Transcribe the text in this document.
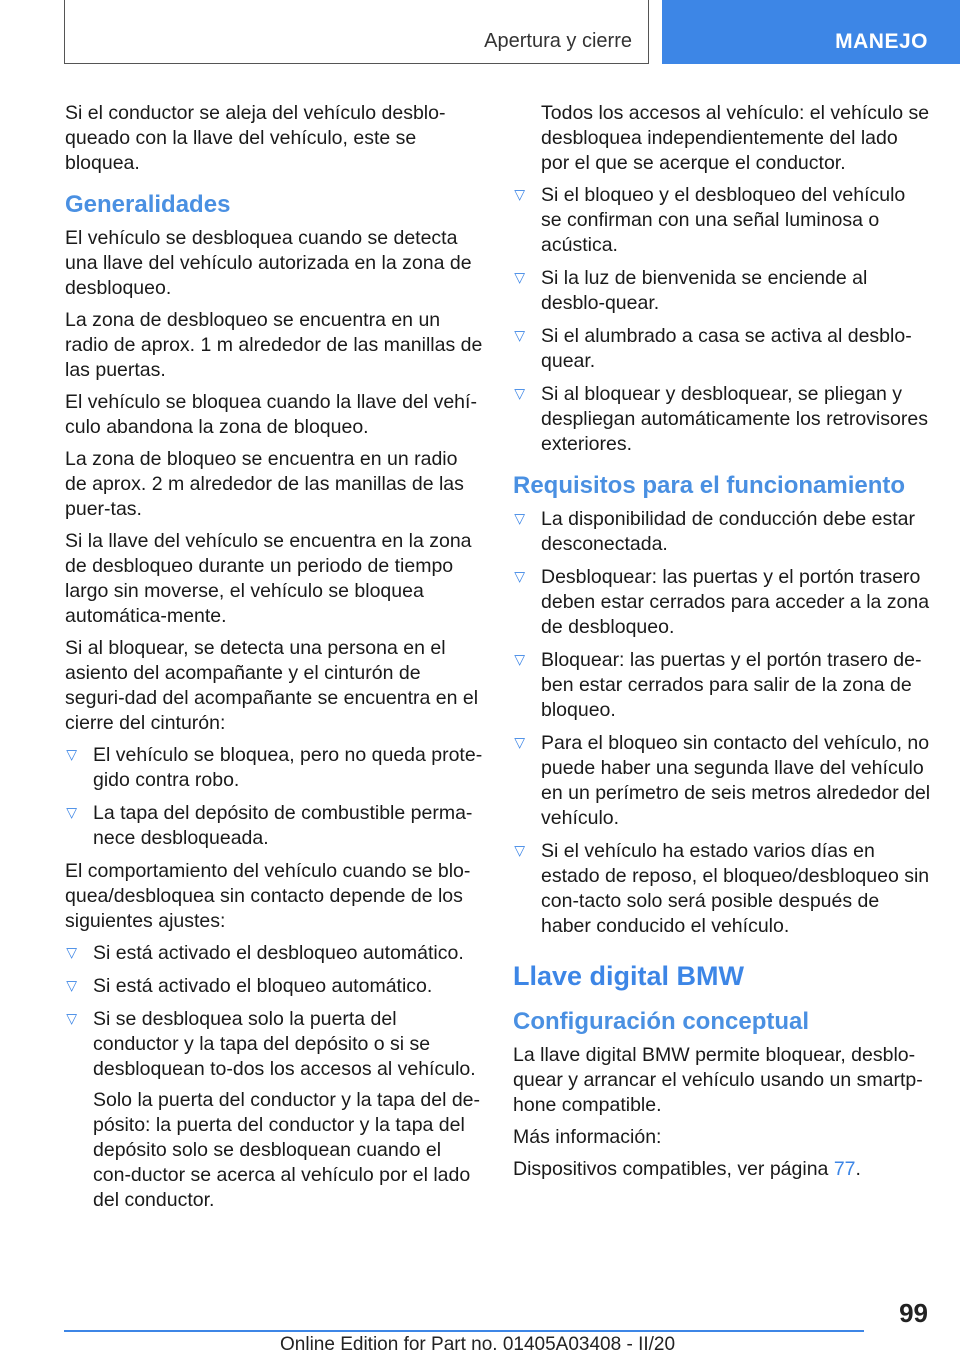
Apertura y cierre	MANEJO

Si el conductor se aleja del vehículo desblo-queado con la llave del vehículo, este se bloquea.

Generalidades

El vehículo se desbloquea cuando se detecta una llave del vehículo autorizada en la zona de desbloqueo.

La zona de desbloqueo se encuentra en un radio de aprox. 1 m alrededor de las manillas de las puertas.

El vehículo se bloquea cuando la llave del vehí-culo abandona la zona de bloqueo.

La zona de bloqueo se encuentra en un radio de aprox. 2 m alrededor de las manillas de las puer-tas.

Si la llave del vehículo se encuentra en la zona de desbloqueo durante un periodo de tiempo largo sin moverse, el vehículo se bloquea automática-mente.

Si al bloquear, se detecta una persona en el asiento del acompañante y el cinturón de seguri-dad del acompañante se encuentra en el cierre del cinturón:

▷ El vehículo se bloquea, pero no queda prote-gido contra robo.
▷ La tapa del depósito de combustible perma-nece desbloqueada.

El comportamiento del vehículo cuando se blo-quea/desbloquea sin contacto depende de los siguientes ajustes:

▷ Si está activado el desbloqueo automático.
▷ Si está activado el bloqueo automático.
▷ Si se desbloquea solo la puerta del conductor y la tapa del depósito o si se desbloquean to-dos los accesos al vehículo.
Solo la puerta del conductor y la tapa del de-pósito: la puerta del conductor y la tapa del depósito solo se desbloquean cuando el con-ductor se acerca al vehículo por el lado del conductor.

Todos los accesos al vehículo: el vehículo se desbloquea independientemente del lado por el que se acerque el conductor.

▷ Si el bloqueo y el desbloqueo del vehículo se confirman con una señal luminosa o acústica.
▷ Si la luz de bienvenida se enciende al desblo-quear.
▷ Si el alumbrado a casa se activa al desblo-quear.
▷ Si al bloquear y desbloquear, se pliegan y despliegan automáticamente los retrovisores exteriores.
Requisitos para el funcionamiento
▷ La disponibilidad de conducción debe estar desconectada.
▷ Desbloquear: las puertas y el portón trasero deben estar cerrados para acceder a la zona de desbloqueo.
▷ Bloquear: las puertas y el portón trasero de-ben estar cerrados para salir de la zona de bloqueo.
▷ Para el bloqueo sin contacto del vehículo, no puede haber una segunda llave del vehículo en un perímetro de seis metros alrededor del vehículo.
▷ Si el vehículo ha estado varios días en estado de reposo, el bloqueo/desbloqueo sin con-tacto solo será posible después de haber conducido el vehículo.
Llave digital BMW
Configuración conceptual

La llave digital BMW permite bloquear, desblo-quear y arrancar el vehículo usando un smartp-hone compatible.

Más información:

Dispositivos compatibles, ver página 77.

99
Online Edition for Part no. 01405A03408 - II/20
